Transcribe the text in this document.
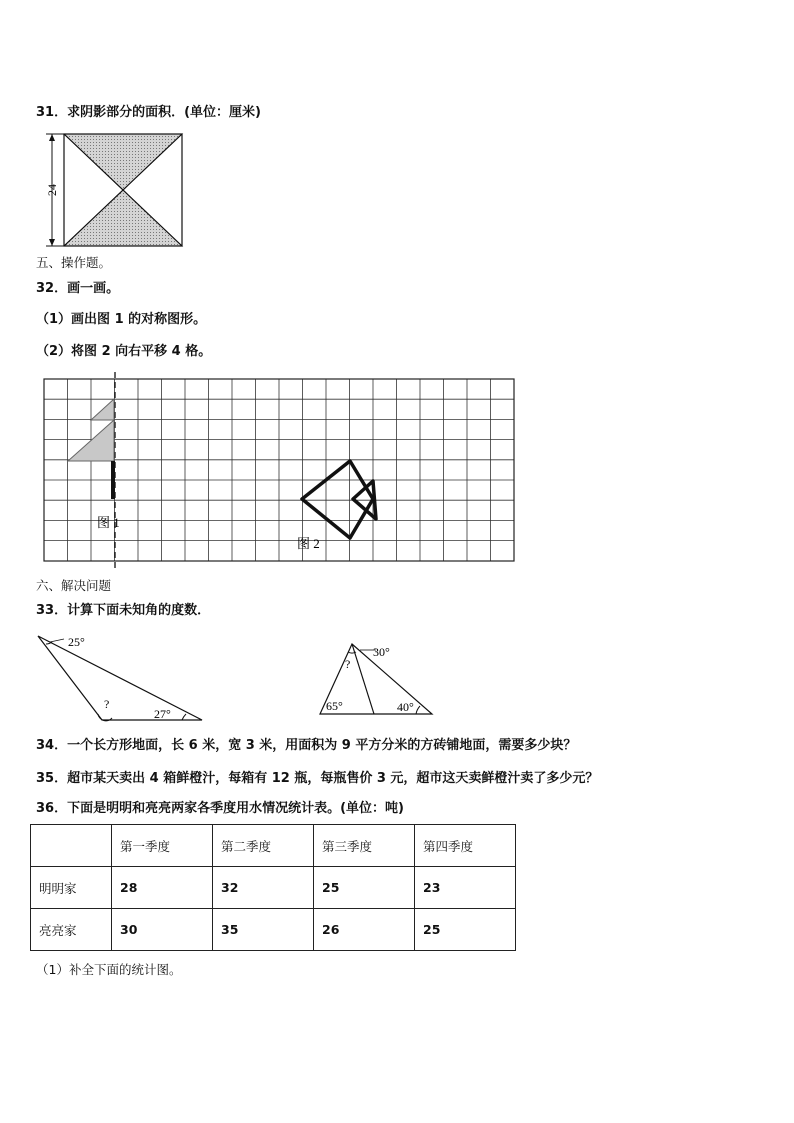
31．求阴影部分的面积．(单位：厘米)
24
五、操作题。
32．画一画。
（1）画出图 1 的对称图形。
（2）将图 2 向右平移 4 格。
图 1
图 2
六、解决问题
33．计算下面未知角的度数．
25°
?
27°
30°
?
65°	40°
34．一个长方形地面，长 6 米，宽 3 米，用面积为 9 平方分米的方砖铺地面，需要多少块？
35．超市某天卖出 4 箱鲜橙汁，每箱有 12 瓶，每瓶售价 3 元，超市这天卖鲜橙汁卖了多少元？
36．下面是明明和亮亮两家各季度用水情况统计表。(单位：吨)
	第一季度	第二季度	第三季度	第四季度
明明家	28	32	25	23
亮亮家	30	35	26	25
（1）补全下面的统计图。
